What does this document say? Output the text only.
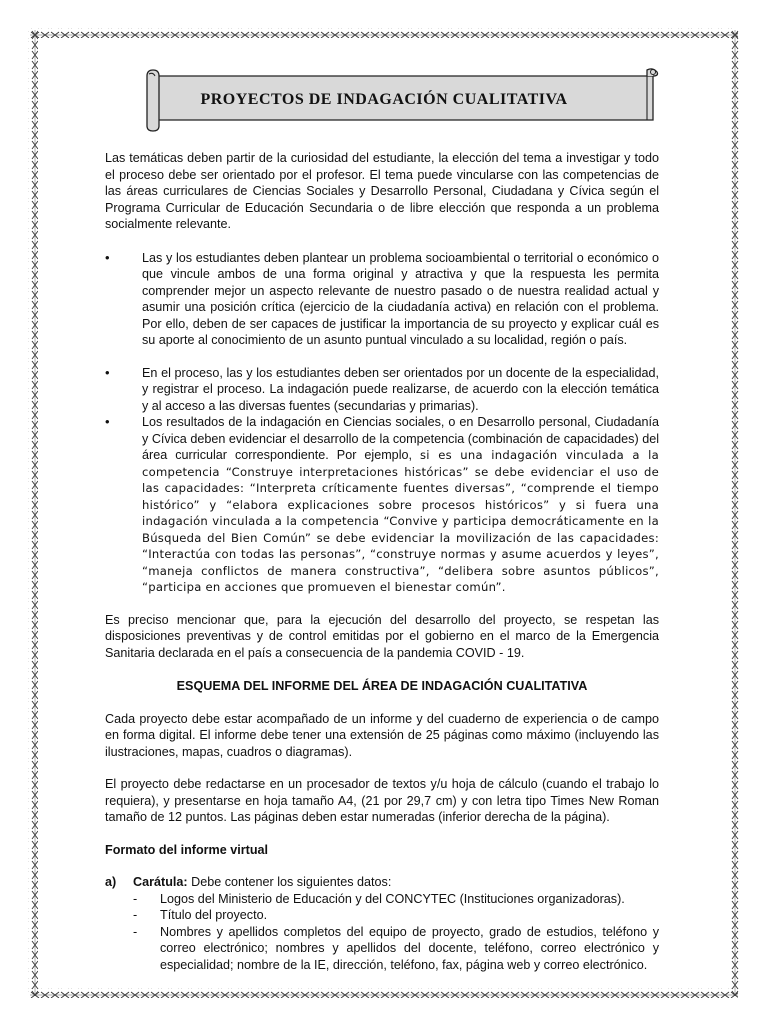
PROYECTOS DE INDAGACIÓN CUALITATIVA

Las temáticas deben partir de la curiosidad del estudiante, la elección del tema a investigar y todo el proceso debe ser orientado por el profesor. El tema puede vincularse con las competencias de las áreas curriculares de Ciencias Sociales y Desarrollo Personal, Ciudadana y Cívica según el Programa Curricular de Educación Secundaria o de libre elección que responda a un problema socialmente relevante.

•	Las y los estudiantes deben plantear un problema socioambiental o territorial o económico o que vincule ambos de una forma original y atractiva y que la respuesta les permita comprender mejor un aspecto relevante de nuestro pasado o de nuestra realidad actual y asumir una posición crítica (ejercicio de la ciudadanía activa) en relación con el problema. Por ello, deben de ser capaces de justificar la importancia de su proyecto y explicar cuál es su aporte al conocimiento de un asunto puntual vinculado a su localidad, región o país.
•	En el proceso, las y los estudiantes deben ser orientados por un docente de la especialidad, y registrar el proceso. La indagación puede realizarse, de acuerdo con la elección temática y al acceso a las diversas fuentes (secundarias y primarias).
•	Los resultados de la indagación en Ciencias sociales, o en Desarrollo personal, Ciudadanía y Cívica deben evidenciar el desarrollo de la competencia (combinación de capacidades) del área curricular correspondiente. Por ejemplo, si es una indagación vinculada a la competencia “Construye interpretaciones históricas” se debe evidenciar el uso de las capacidades: “Interpreta críticamente fuentes diversas”, “comprende el tiempo histórico” y “elabora explicaciones sobre procesos históricos” y si fuera una indagación vinculada a la competencia “Convive y participa democráticamente en la Búsqueda del Bien Común” se debe evidenciar la movilización de las capacidades: “Interactúa con todas las personas”, “construye normas y asume acuerdos y leyes”, “maneja conflictos de manera constructiva”, “delibera sobre asuntos públicos”, “participa en acciones que promueven el bienestar común”.

Es preciso mencionar que, para la ejecución del desarrollo del proyecto, se respetan las disposiciones preventivas y de control emitidas por el gobierno en el marco de la Emergencia Sanitaria declarada en el país a consecuencia de la pandemia COVID - 19.

ESQUEMA DEL INFORME DEL ÁREA DE INDAGACIÓN CUALITATIVA

Cada proyecto debe estar acompañado de un informe y del cuaderno de experiencia o de campo en forma digital. El informe debe tener una extensión de 25 páginas como máximo (incluyendo las ilustraciones, mapas, cuadros o diagramas).

El proyecto debe redactarse en un procesador de textos y/u hoja de cálculo (cuando el trabajo lo requiera), y presentarse en hoja tamaño A4, (21 por 29,7 cm) y con letra tipo Times New Roman tamaño de 12 puntos. Las páginas deben estar numeradas (inferior derecha de la página).

Formato del informe virtual
a) Carátula: Debe contener los siguientes datos:
- Logos del Ministerio de Educación y del CONCYTEC (Instituciones organizadoras).
- Título del proyecto.
- Nombres y apellidos completos del equipo de proyecto, grado de estudios, teléfono y correo electrónico; nombres y apellidos del docente, teléfono, correo electrónico y especialidad; nombre de la IE, dirección, teléfono, fax, página web y correo electrónico.
